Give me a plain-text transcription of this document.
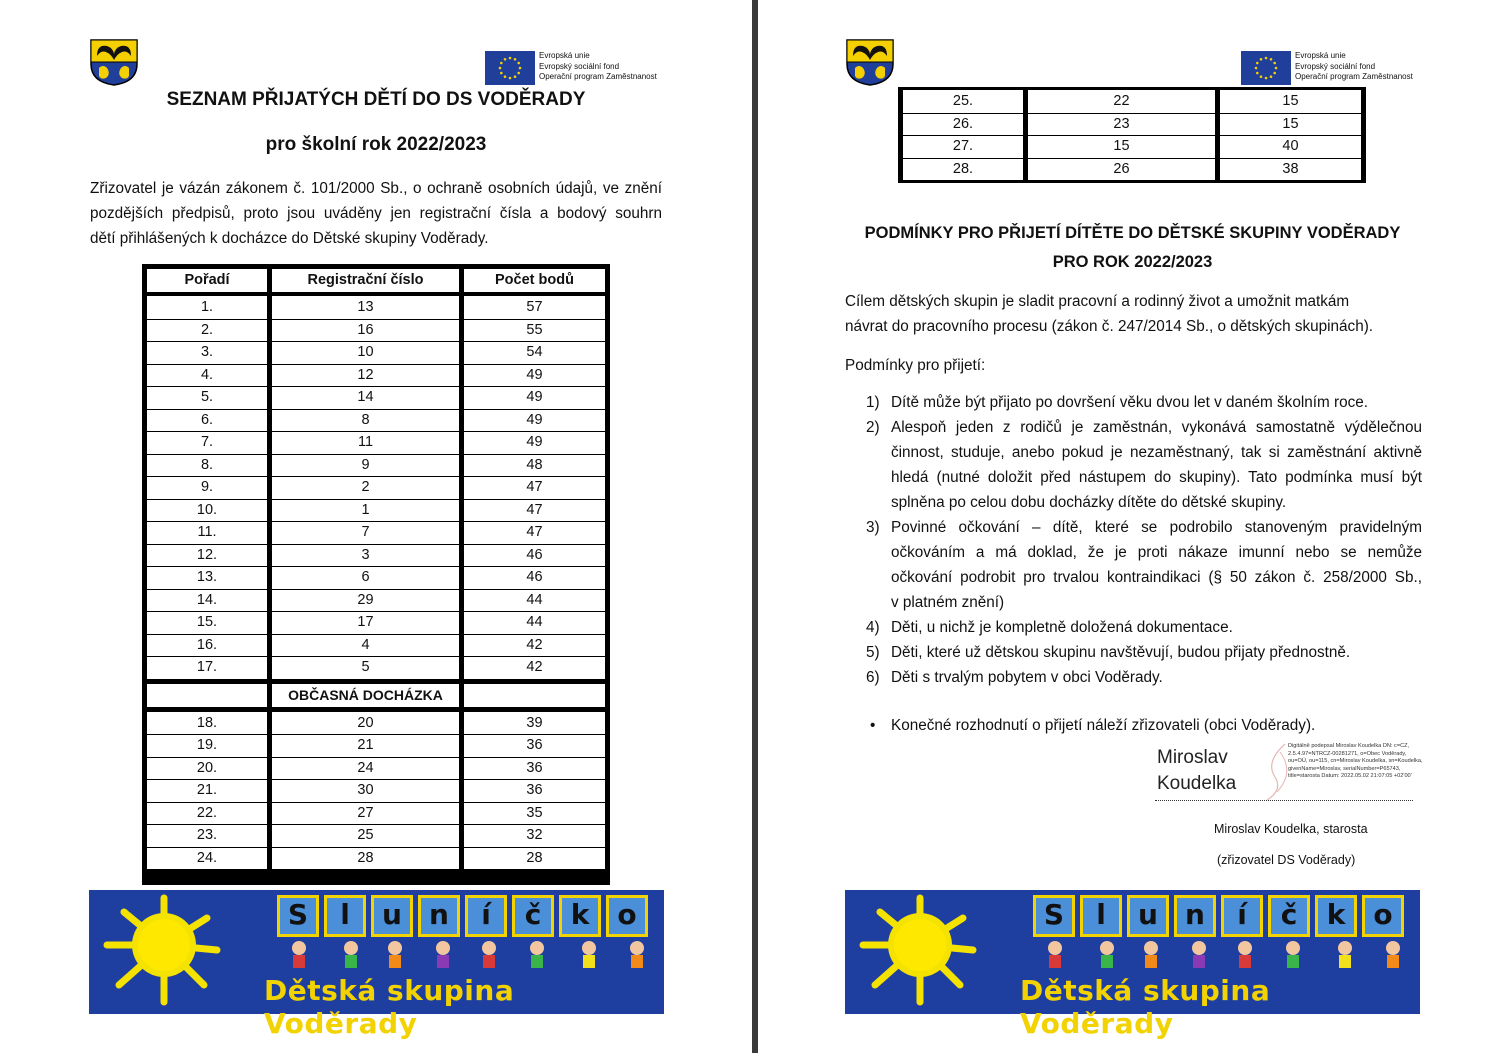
Evropská unie
Evropský sociální fond
Operační program Zaměstnanost
SEZNAM PŘIJATÝCH DĚTÍ DO DS VODĚRADY
pro školní rok 2022/2023
Zřizovatel je vázán zákonem č. 101/2000 Sb., o ochraně osobních údajů, ve znění
pozdějších předpisů, proto jsou uváděny jen registrační čísla a bodový souhrn
dětí přihlášených k docházce do Dětské skupiny Voděrady.
Pořadí	Registrační číslo	Počet bodů
1.	13	57
2.	16	55
3.	10	54
4.	12	49
5.	14	49
6.	8	49
7.	11	49
8.	9	48
9.	2	47
10.	1	47
11.	7	47
12.	3	46
13.	6	46
14.	29	44
15.	17	44
16.	4	42
17.	5	42
OBČASNÁ DOCHÁZKA
18.	20	39
19.	21	36
20.	24	36
21.	30	36
22.	27	35
23.	25	32
24.	28	28
S	l	u n	í	č	k	o
Dětská skupina Voděrady
Evropská unie
Evropský sociální fond
Operační program Zaměstnanost
25.	22	15
26.	23	15
27.	15	40
28.	26	38
PODMÍNKY PRO PŘIJETÍ DÍTĚTE DO DĚTSKÉ SKUPINY VODĚRADY
PRO ROK 2022/2023
Cílem dětských skupin je sladit pracovní a rodinný život a umožnit matkám
návrat do pracovního procesu (zákon č. 247/2014 Sb., o dětských skupinách).
Podmínky pro přijetí:
1) Dítě může být přijato po dovršení věku dvou let v daném školním roce.
2) Alespoň jeden z rodičů je zaměstnán, vykonává samostatně výdělečnou
činnost, studuje, anebo pokud je nezaměstnaný, tak si zaměstnání aktivně
hledá (nutné doložit před nástupem do skupiny). Tato podmínka musí být
splněna po celou dobu docházky dítěte do dětské skupiny.
3) Povinné očkování – dítě, které se podrobilo stanoveným pravidelným
očkováním a má doklad, že je proti nákaze imunní nebo se nemůže
očkování podrobit pro trvalou kontraindikaci (§ 50 zákon č. 258/2000 Sb.,
v platném znění)
4) Děti, u nichž je kompletně doložená dokumentace.
5) Děti, které už dětskou skupinu navštěvují, budou přijaty přednostně.
6) Děti s trvalým pobytem v obci Voděrady.
• Konečné rozhodnutí o přijetí náleží zřizovateli (obci Voděrady).
Miroslav
Koudelka
Digitálně podepsal Miroslav Koudelka DN: c=CZ, 2.5.4.97=NTRCZ-00281271, o=Obec Voděrady, ou=OÚ, ou=115, cn=Miroslav Koudelka, sn=Koudelka, givenName=Miroslav, serialNumber=P65743, title=starosta Datum: 2022.05.02 21:07:05 +02'00'
Miroslav Koudelka, starosta
(zřizovatel DS Voděrady)
S	l	u n	í	č	k	o
Dětská skupina Voděrady
